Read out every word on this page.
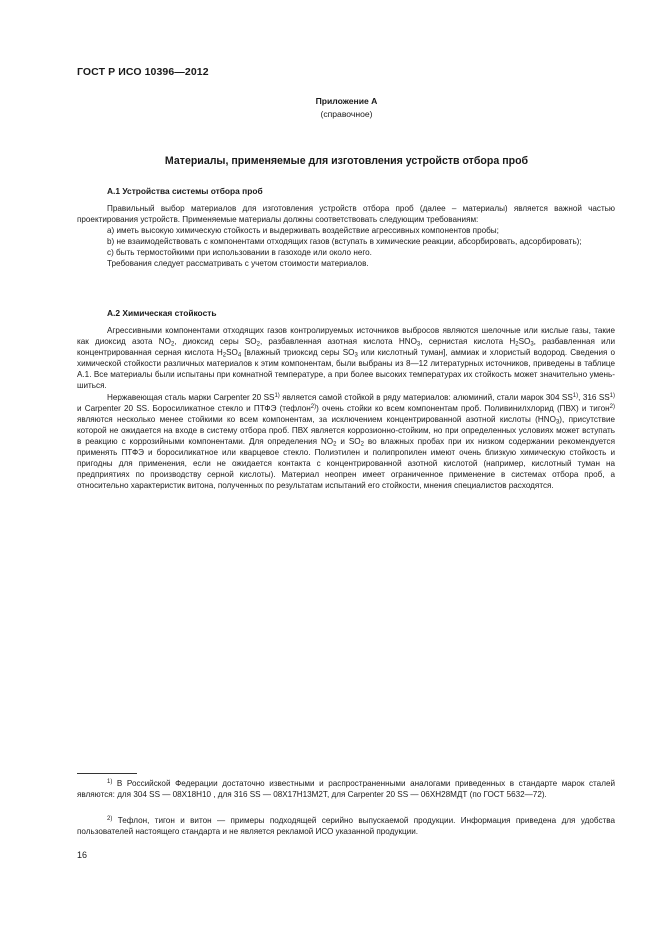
ГОСТ Р ИСО 10396—2012
Приложение А
(справочное)
Материалы, применяемые для изготовления устройств отбора проб
А.1 Устройства системы отбора проб

Правильный выбор материалов для изготовления устройств отбора проб (далее – материалы) является важной частью проектирования устройств. Применяемые материалы должны соответствовать следующим требованиям:

а) иметь высокую химическую стойкость и выдерживать воздействие агрессивных компонентов пробы;

b) не взаимодействовать с компонентами отходящих газов (вступать в химические реакции, абсорбировать, адсорбировать);

с) быть термостойкими при использовании в газоходе или около него.

Требования следует рассматривать с учетом стоимости материалов.

А.2 Химическая стойкость

Агрессивными компонентами отходящих газов контролируемых источников выбросов являются шелочные или кислые газы, такие как диоксид азота $NO_2$, диоксид серы $SO_2$, разбавленная азотная кислота $HNO_3$, сернистая кислота $H_2SO_3$, разбавленная или концентрированная серная кислота $H_2SO_4$ [влажный триоксид серы $SO_3$ или кислотный туман], аммиак и хлористый водород. Сведения о химической стойкости различных материалов к этим компонентам, были выбраны из 8—12 литературных источников, приведены в таблице А.1. Все материалы были испытаны при комнатной температуре, а при более высоких температурах их стойкость может значительно уменьшиться.

Нержавеющая сталь марки Carpenter 20 SS$^{1)}$ является самой стойкой в ряду материалов: алюминий, стали марок 304 SS$^{1)}$, 316 SS$^{1)}$ и Carpenter 20 SS. Боросиликатное стекло и ПТФЭ (тефлон$^{2)}$) очень стойки ко всем компонентам проб. Поливинилхлорид (ПВХ) и тигон$^{2)}$ являются несколько менее стойкими ко всем компонентам, за исключением концентрированной азотной кислоты $(HNO_3)$, присутствие которой не ожидается на входе в систему отбора проб. ПВХ является коррозионно-стойким, но при определенных условиях может вступать в реакцию с коррозийными компонентами. Для определения $NO_2$ и $SO_2$ во влажных пробах при их низком содержании рекомендуется применять ПТФЭ и боросиликатное или кварцевое стекло. Полиэтилен и полипропилен имеют очень близкую химическую стойкость и пригодны для применения, если не ожидается контакта с концентрированной азотной кислотой (например, кислотный туман на предприятиях по производству серной кислоты). Материал неопрен имеет ограниченное применение в системах отбора проб, а относительно характеристик витона, полученных по результатам испытаний его стойкости, мнения специалистов расходятся.

$^{1)}$ В Российской Федерации достаточно известными и распространенными аналогами приведенных в стандарте марок сталей являются: для 304 SS — 08Х18Н10 , для 316 SS — 08Х17Н13М2Т, для Carpenter 20 SS — 06ХН28МДТ (по ГОСТ 5632—72).

$^{2)}$ Тефлон, тигон и витон — примеры подходящей серийно выпускаемой продукции. Информация приведена для удобства пользователей настоящего стандарта и не является рекламой ИСО указанной продукции.

16
